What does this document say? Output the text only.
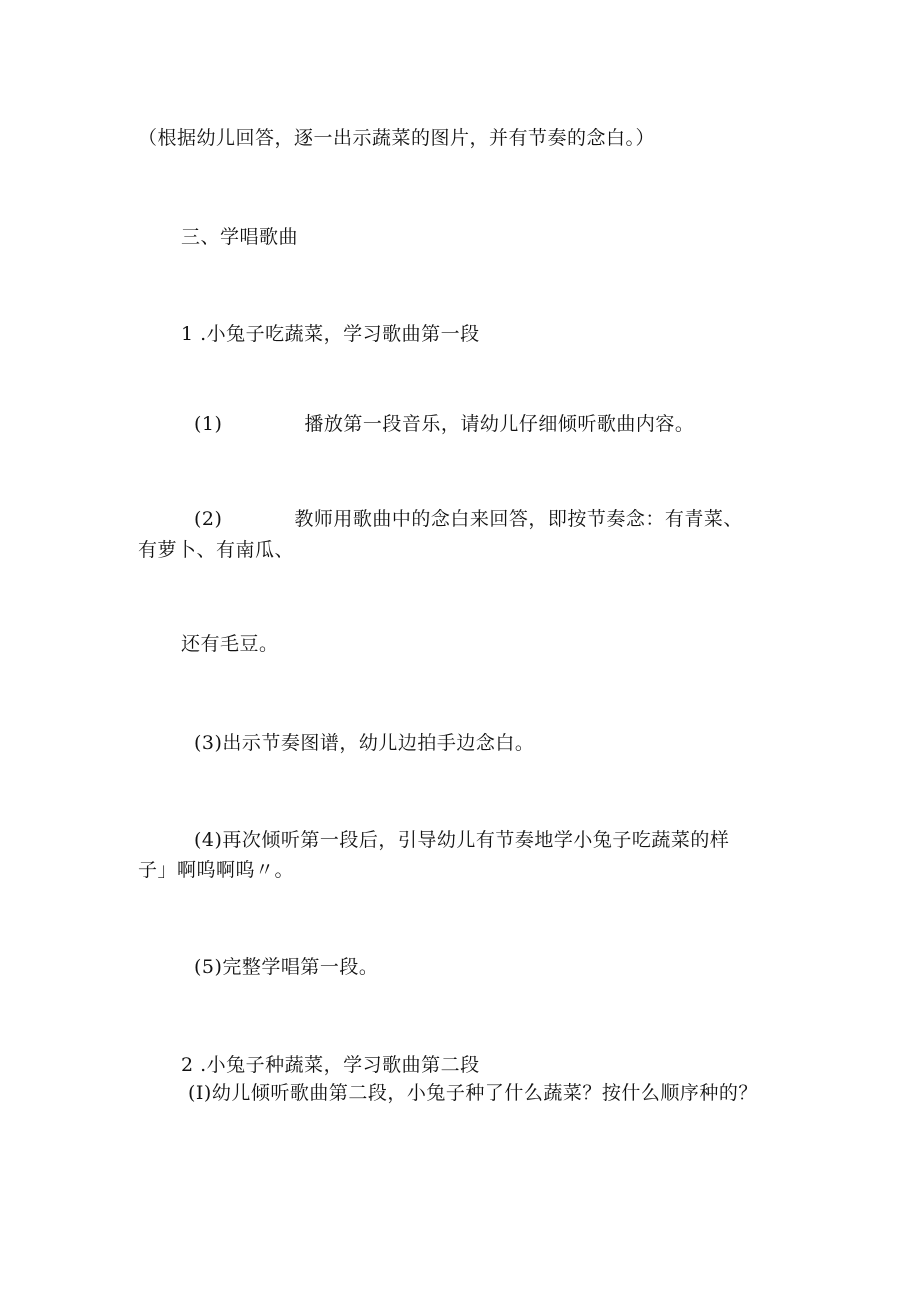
（根据幼儿回答，逐一出示蔬菜的图片，并有节奏的念白。）
三、学唱歌曲
1 .小兔子吃蔬菜，学习歌曲第一段
(1)	播放第一段音乐，请幼儿仔细倾听歌曲内容。
(2)	教师用歌曲中的念白来回答，即按节奏念：有青菜、
有萝卜、有南瓜、
还有毛豆。
(3)出示节奏图谱，幼儿边拍手边念白。
(4)再次倾听第一段后，引导幼儿有节奏地学小兔子吃蔬菜的样
子」啊呜啊呜〃。
(5)完整学唱第一段。
2 .小兔子种蔬菜，学习歌曲第二段
(I)幼儿倾听歌曲第二段，小兔子种了什么蔬菜？按什么顺序种的？
